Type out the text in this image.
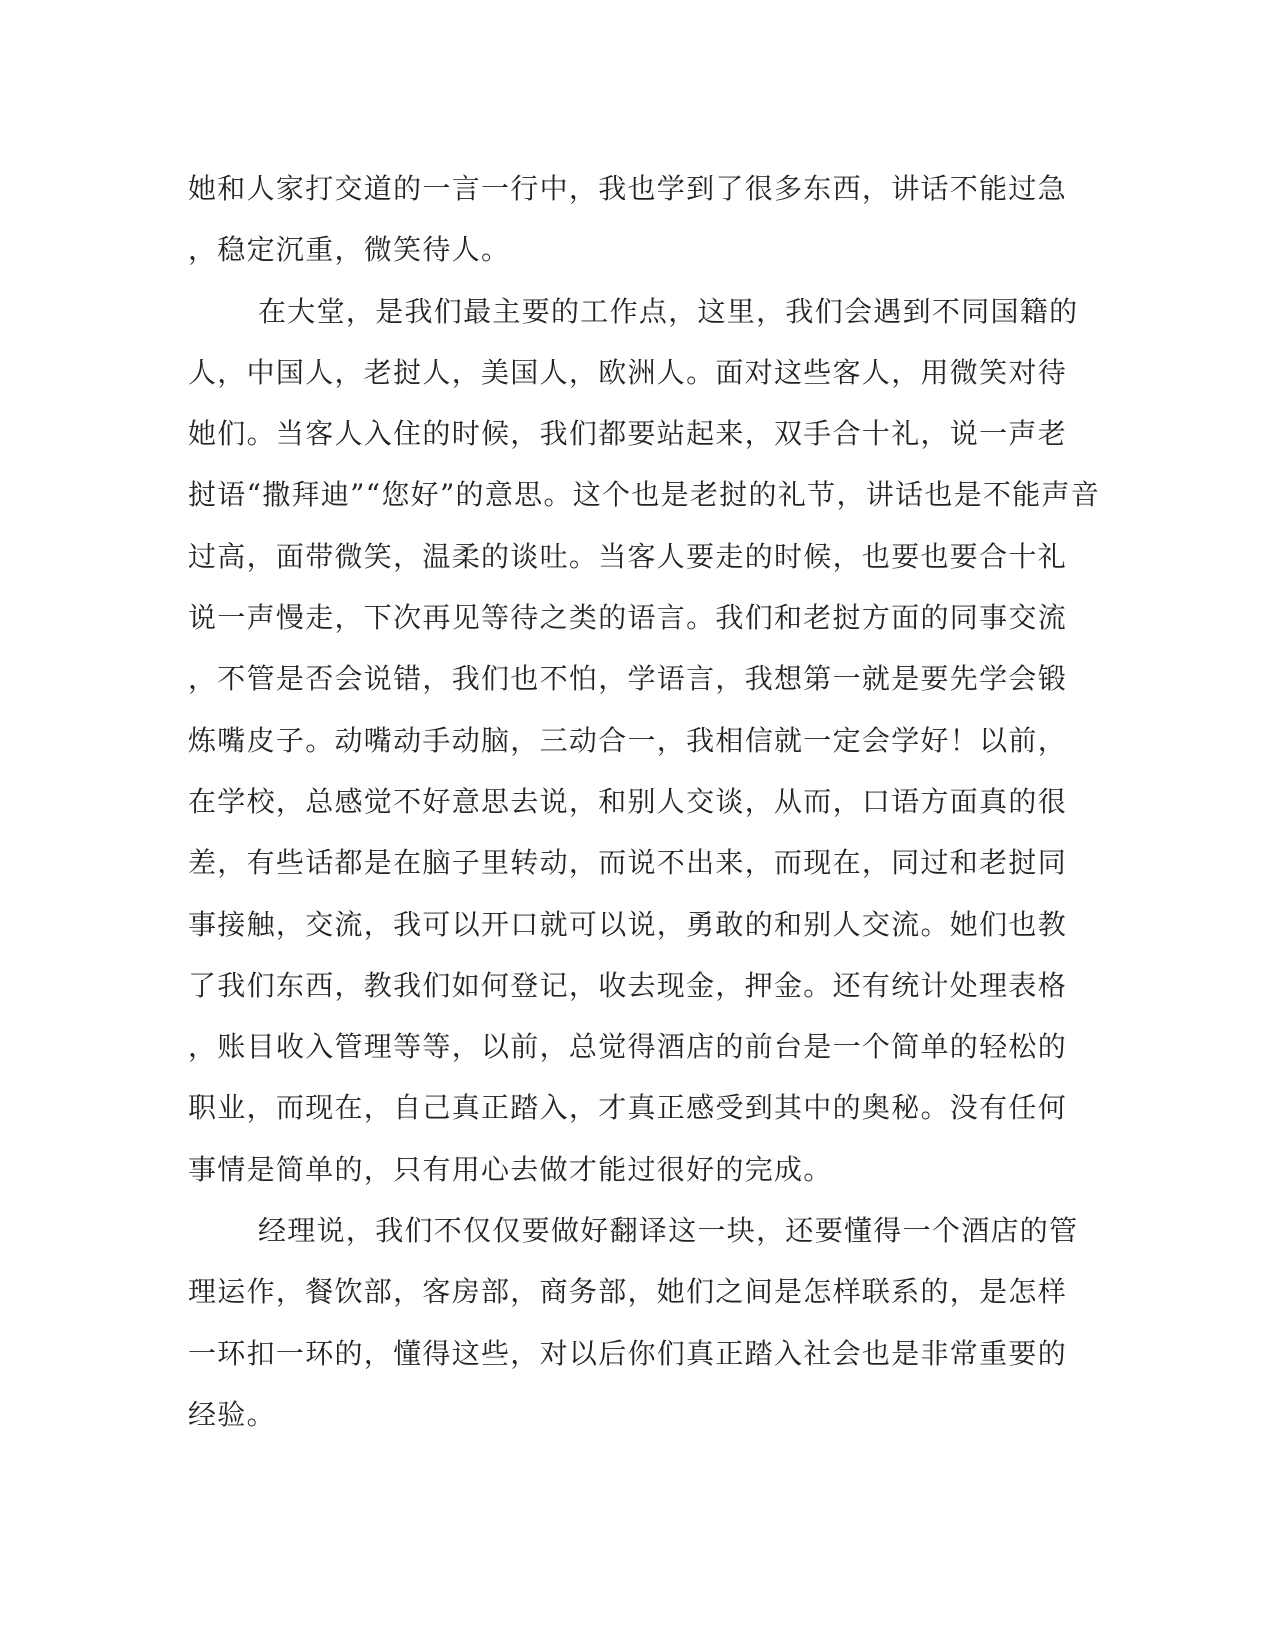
她和人家打交道的一言一行中，我也学到了很多东西，讲话不能过急
，稳定沉重，微笑待人。
在大堂，是我们最主要的工作点，这里，我们会遇到不同国籍的
人，中国人，老挝人，美国人，欧洲人。面对这些客人，用微笑对待
她们。当客人入住的时候，我们都要站起来，双手合十礼，说一声老
挝语“撒拜迪”“您好”的意思。这个也是老挝的礼节，讲话也是不能声音
过高，面带微笑，温柔的谈吐。当客人要走的时候，也要也要合十礼
说一声慢走，下次再见等待之类的语言。我们和老挝方面的同事交流
，不管是否会说错，我们也不怕，学语言，我想第一就是要先学会锻
炼嘴皮子。动嘴动手动脑，三动合一，我相信就一定会学好！以前，
在学校，总感觉不好意思去说，和别人交谈，从而，口语方面真的很
差，有些话都是在脑子里转动，而说不出来，而现在，同过和老挝同
事接触，交流，我可以开口就可以说，勇敢的和别人交流。她们也教
了我们东西，教我们如何登记，收去现金，押金。还有统计处理表格
，账目收入管理等等，以前，总觉得酒店的前台是一个简单的轻松的
职业，而现在，自己真正踏入，才真正感受到其中的奥秘。没有任何
事情是简单的，只有用心去做才能过很好的完成。
经理说，我们不仅仅要做好翻译这一块，还要懂得一个酒店的管
理运作，餐饮部，客房部，商务部，她们之间是怎样联系的，是怎样
一环扣一环的，懂得这些，对以后你们真正踏入社会也是非常重要的
经验。
